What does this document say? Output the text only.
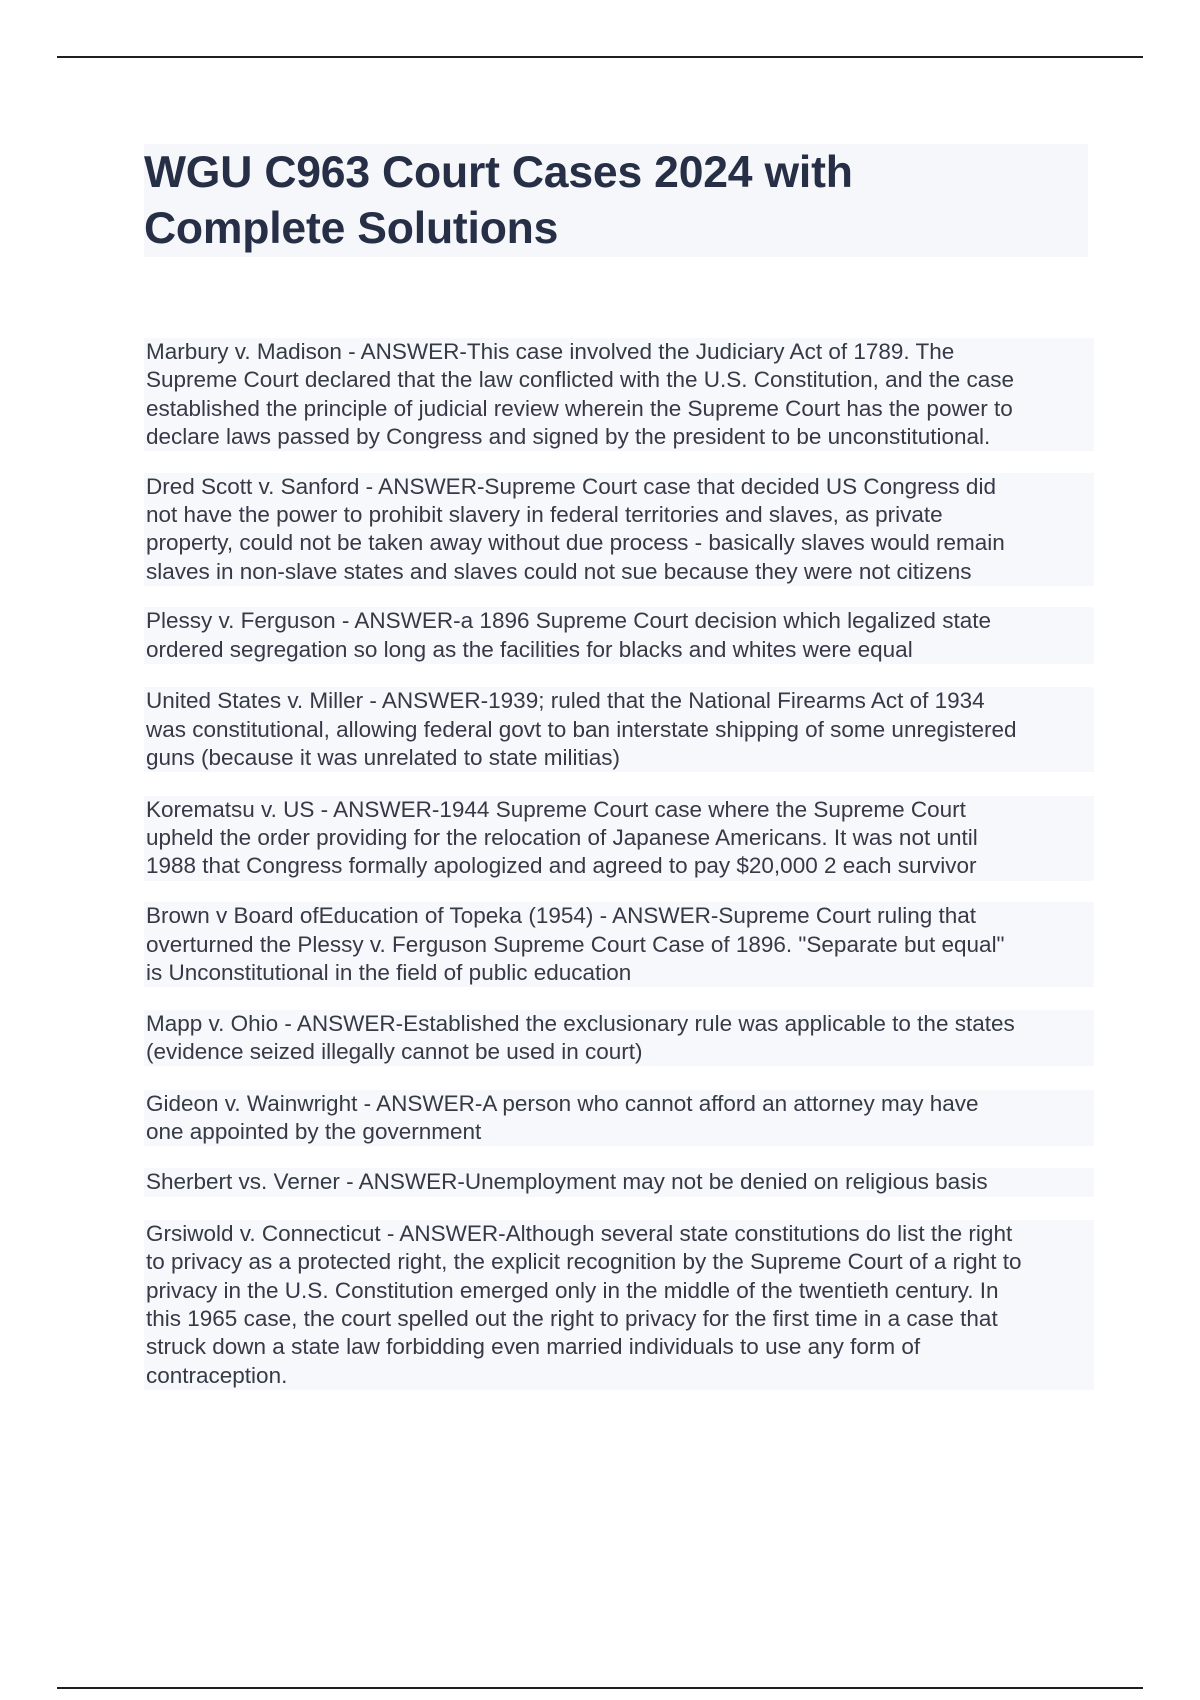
WGU C963 Court Cases 2024 with
Complete Solutions
Marbury v. Madison - ANSWER-This case involved the Judiciary Act of 1789. The
Supreme Court declared that the law conflicted with the U.S. Constitution, and the case
established the principle of judicial review wherein the Supreme Court has the power to
declare laws passed by Congress and signed by the president to be unconstitutional.
Dred Scott v. Sanford - ANSWER-Supreme Court case that decided US Congress did
not have the power to prohibit slavery in federal territories and slaves, as private
property, could not be taken away without due process - basically slaves would remain
slaves in non-slave states and slaves could not sue because they were not citizens
Plessy v. Ferguson - ANSWER-a 1896 Supreme Court decision which legalized state
ordered segregation so long as the facilities for blacks and whites were equal
United States v. Miller - ANSWER-1939; ruled that the National Firearms Act of 1934
was constitutional, allowing federal govt to ban interstate shipping of some unregistered
guns (because it was unrelated to state militias)
Korematsu v. US - ANSWER-1944 Supreme Court case where the Supreme Court
upheld the order providing for the relocation of Japanese Americans. It was not until
1988 that Congress formally apologized and agreed to pay $20,000 2 each survivor
Brown v Board ofEducation of Topeka (1954) - ANSWER-Supreme Court ruling that
overturned the Plessy v. Ferguson Supreme Court Case of 1896. "Separate but equal"
is Unconstitutional in the field of public education
Mapp v. Ohio - ANSWER-Established the exclusionary rule was applicable to the states
(evidence seized illegally cannot be used in court)
Gideon v. Wainwright - ANSWER-A person who cannot afford an attorney may have
one appointed by the government
Sherbert vs. Verner - ANSWER-Unemployment may not be denied on religious basis
Grsiwold v. Connecticut - ANSWER-Although several state constitutions do list the right
to privacy as a protected right, the explicit recognition by the Supreme Court of a right to
privacy in the U.S. Constitution emerged only in the middle of the twentieth century. In
this 1965 case, the court spelled out the right to privacy for the first time in a case that
struck down a state law forbidding even married individuals to use any form of
contraception.
